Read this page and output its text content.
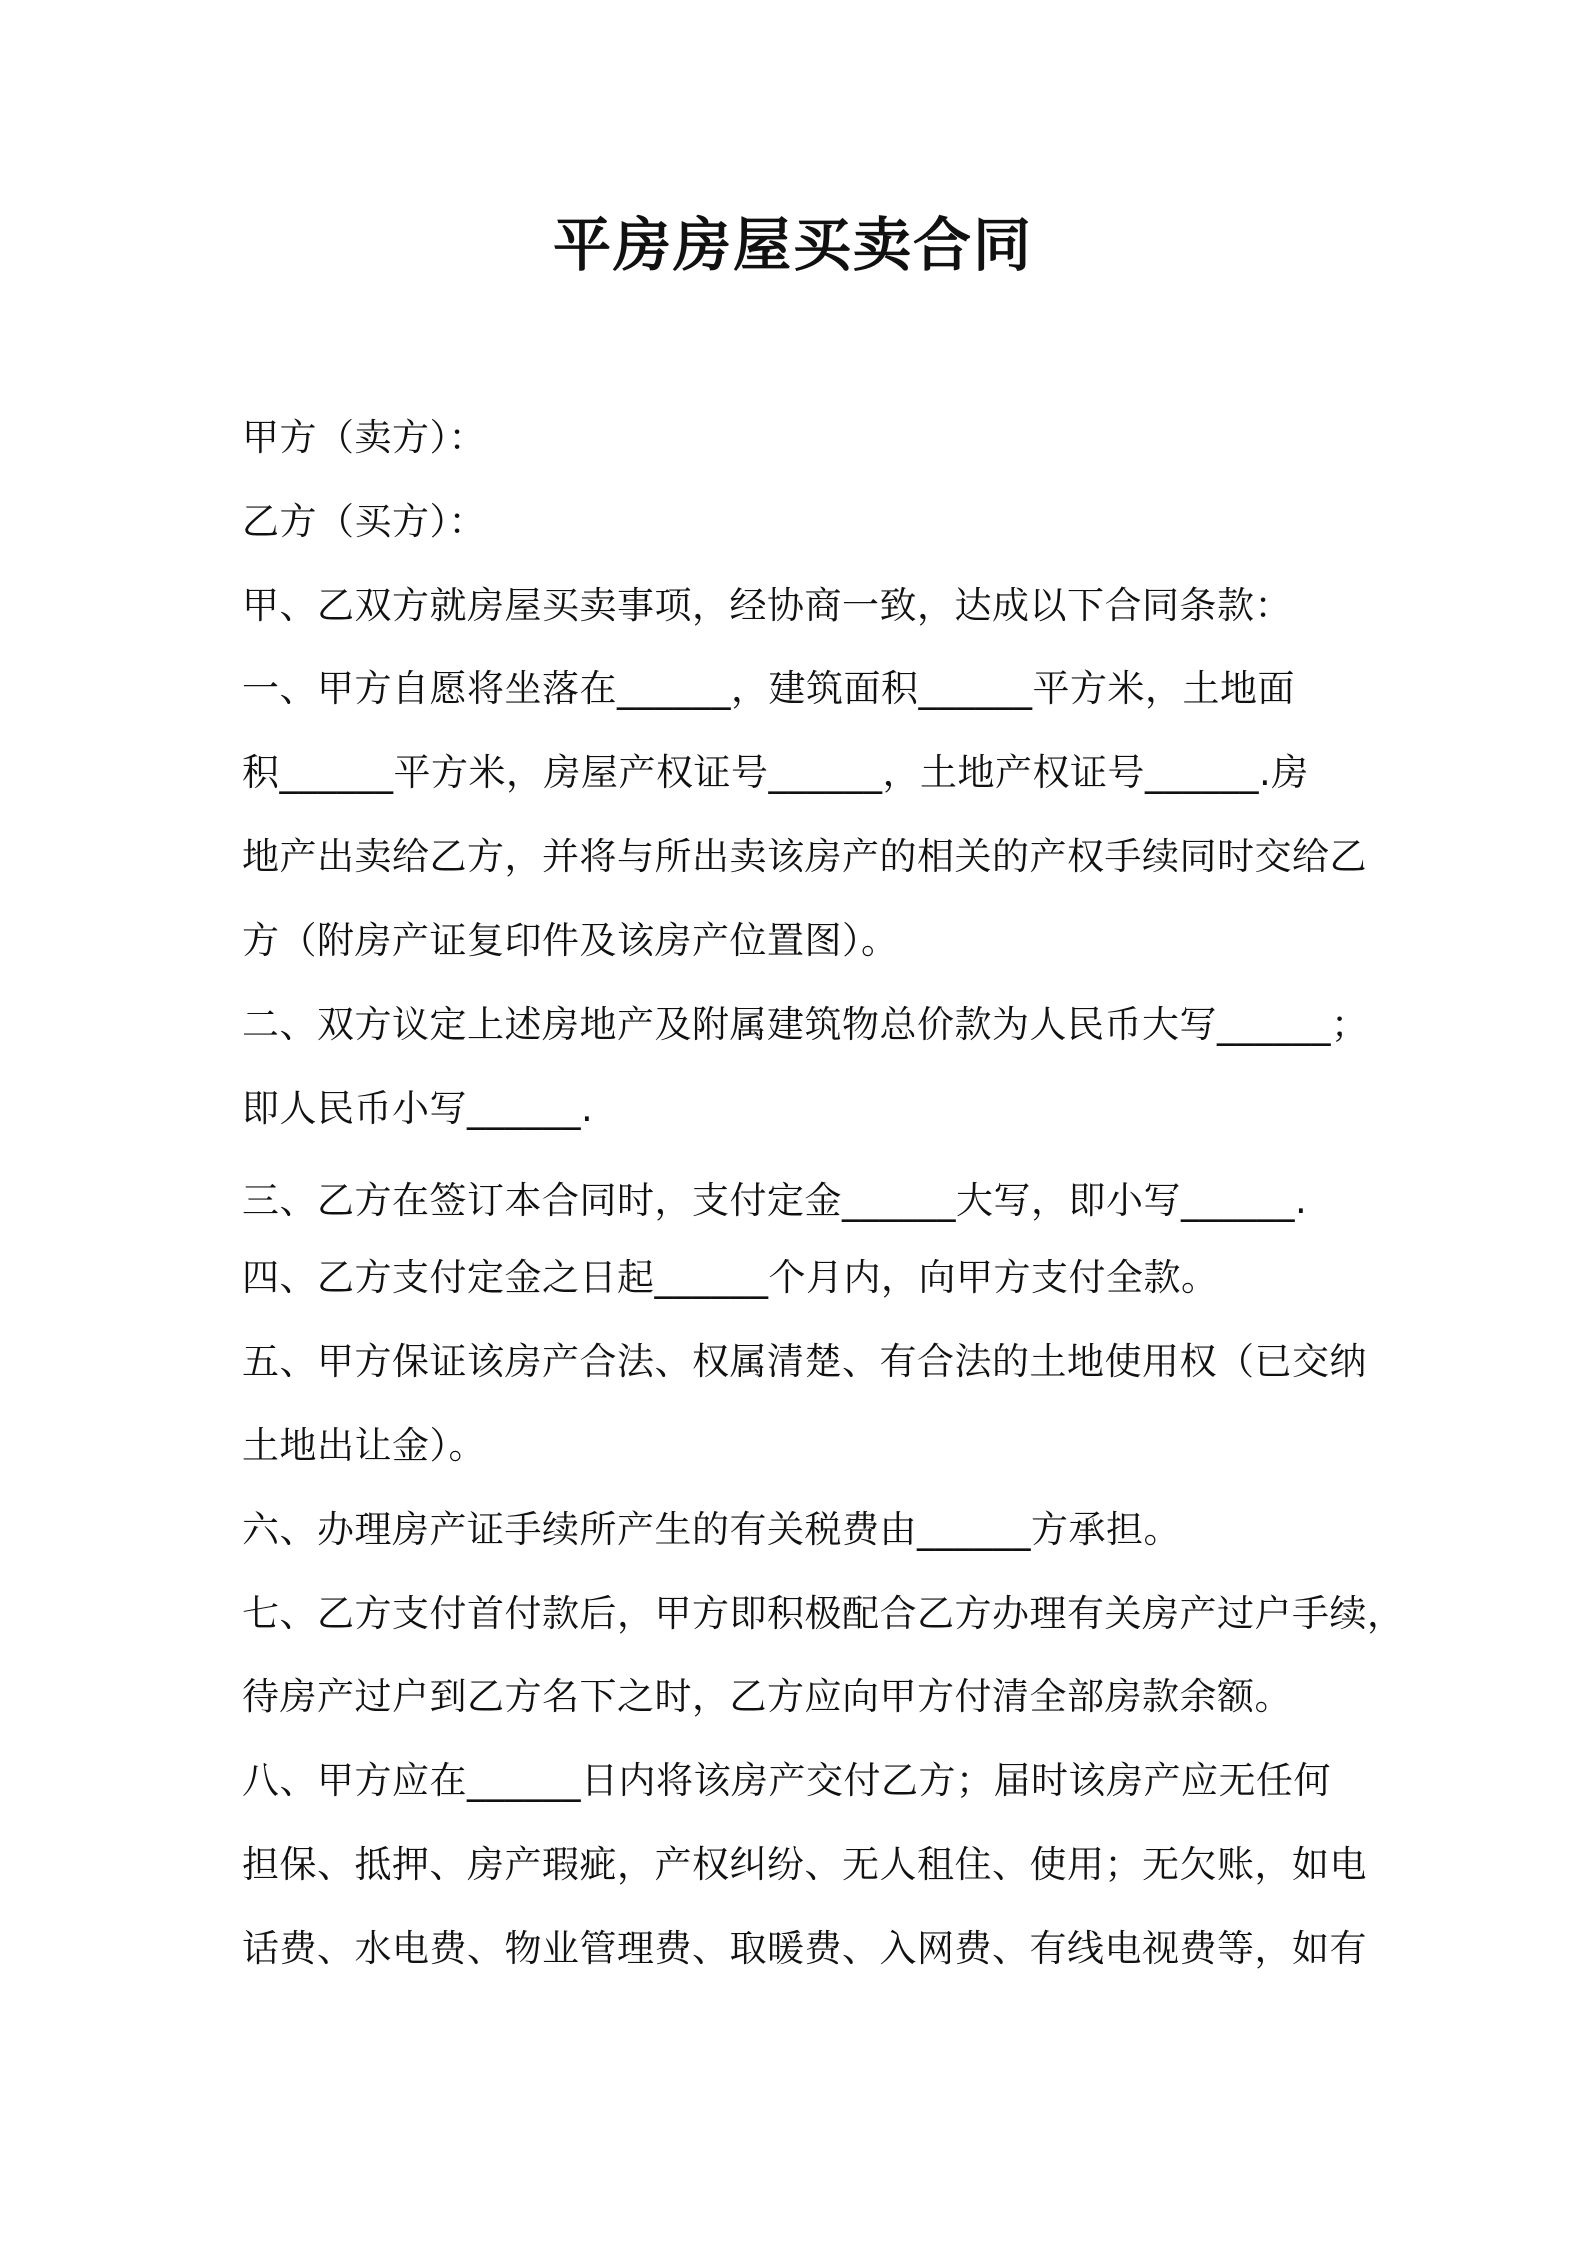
平房房屋买卖合同
甲方（卖方）：
乙方（买方）：
甲、乙双方就房屋买卖事项，经协商一致，达成以下合同条款：
一、甲方自愿将坐落在______，建筑面积______平方米，土地面
积______平方米，房屋产权证号______，土地产权证号______.房
地产出卖给乙方，并将与所出卖该房产的相关的产权手续同时交给乙
方（附房产证复印件及该房产位置图）。
二、双方议定上述房地产及附属建筑物总价款为人民币大写______；
即人民币小写______.
三、乙方在签订本合同时，支付定金______大写，即小写______.
四、乙方支付定金之日起______个月内，向甲方支付全款。
五、甲方保证该房产合法、权属清楚、有合法的土地使用权（已交纳
土地出让金）。
六、办理房产证手续所产生的有关税费由______方承担。
七、乙方支付首付款后，甲方即积极配合乙方办理有关房产过户手续，
待房产过户到乙方名下之时，乙方应向甲方付清全部房款余额。
八、甲方应在______日内将该房产交付乙方；届时该房产应无任何
担保、抵押、房产瑕疵，产权纠纷、无人租住、使用；无欠账，如电
话费、水电费、物业管理费、取暖费、入网费、有线电视费等，如有
